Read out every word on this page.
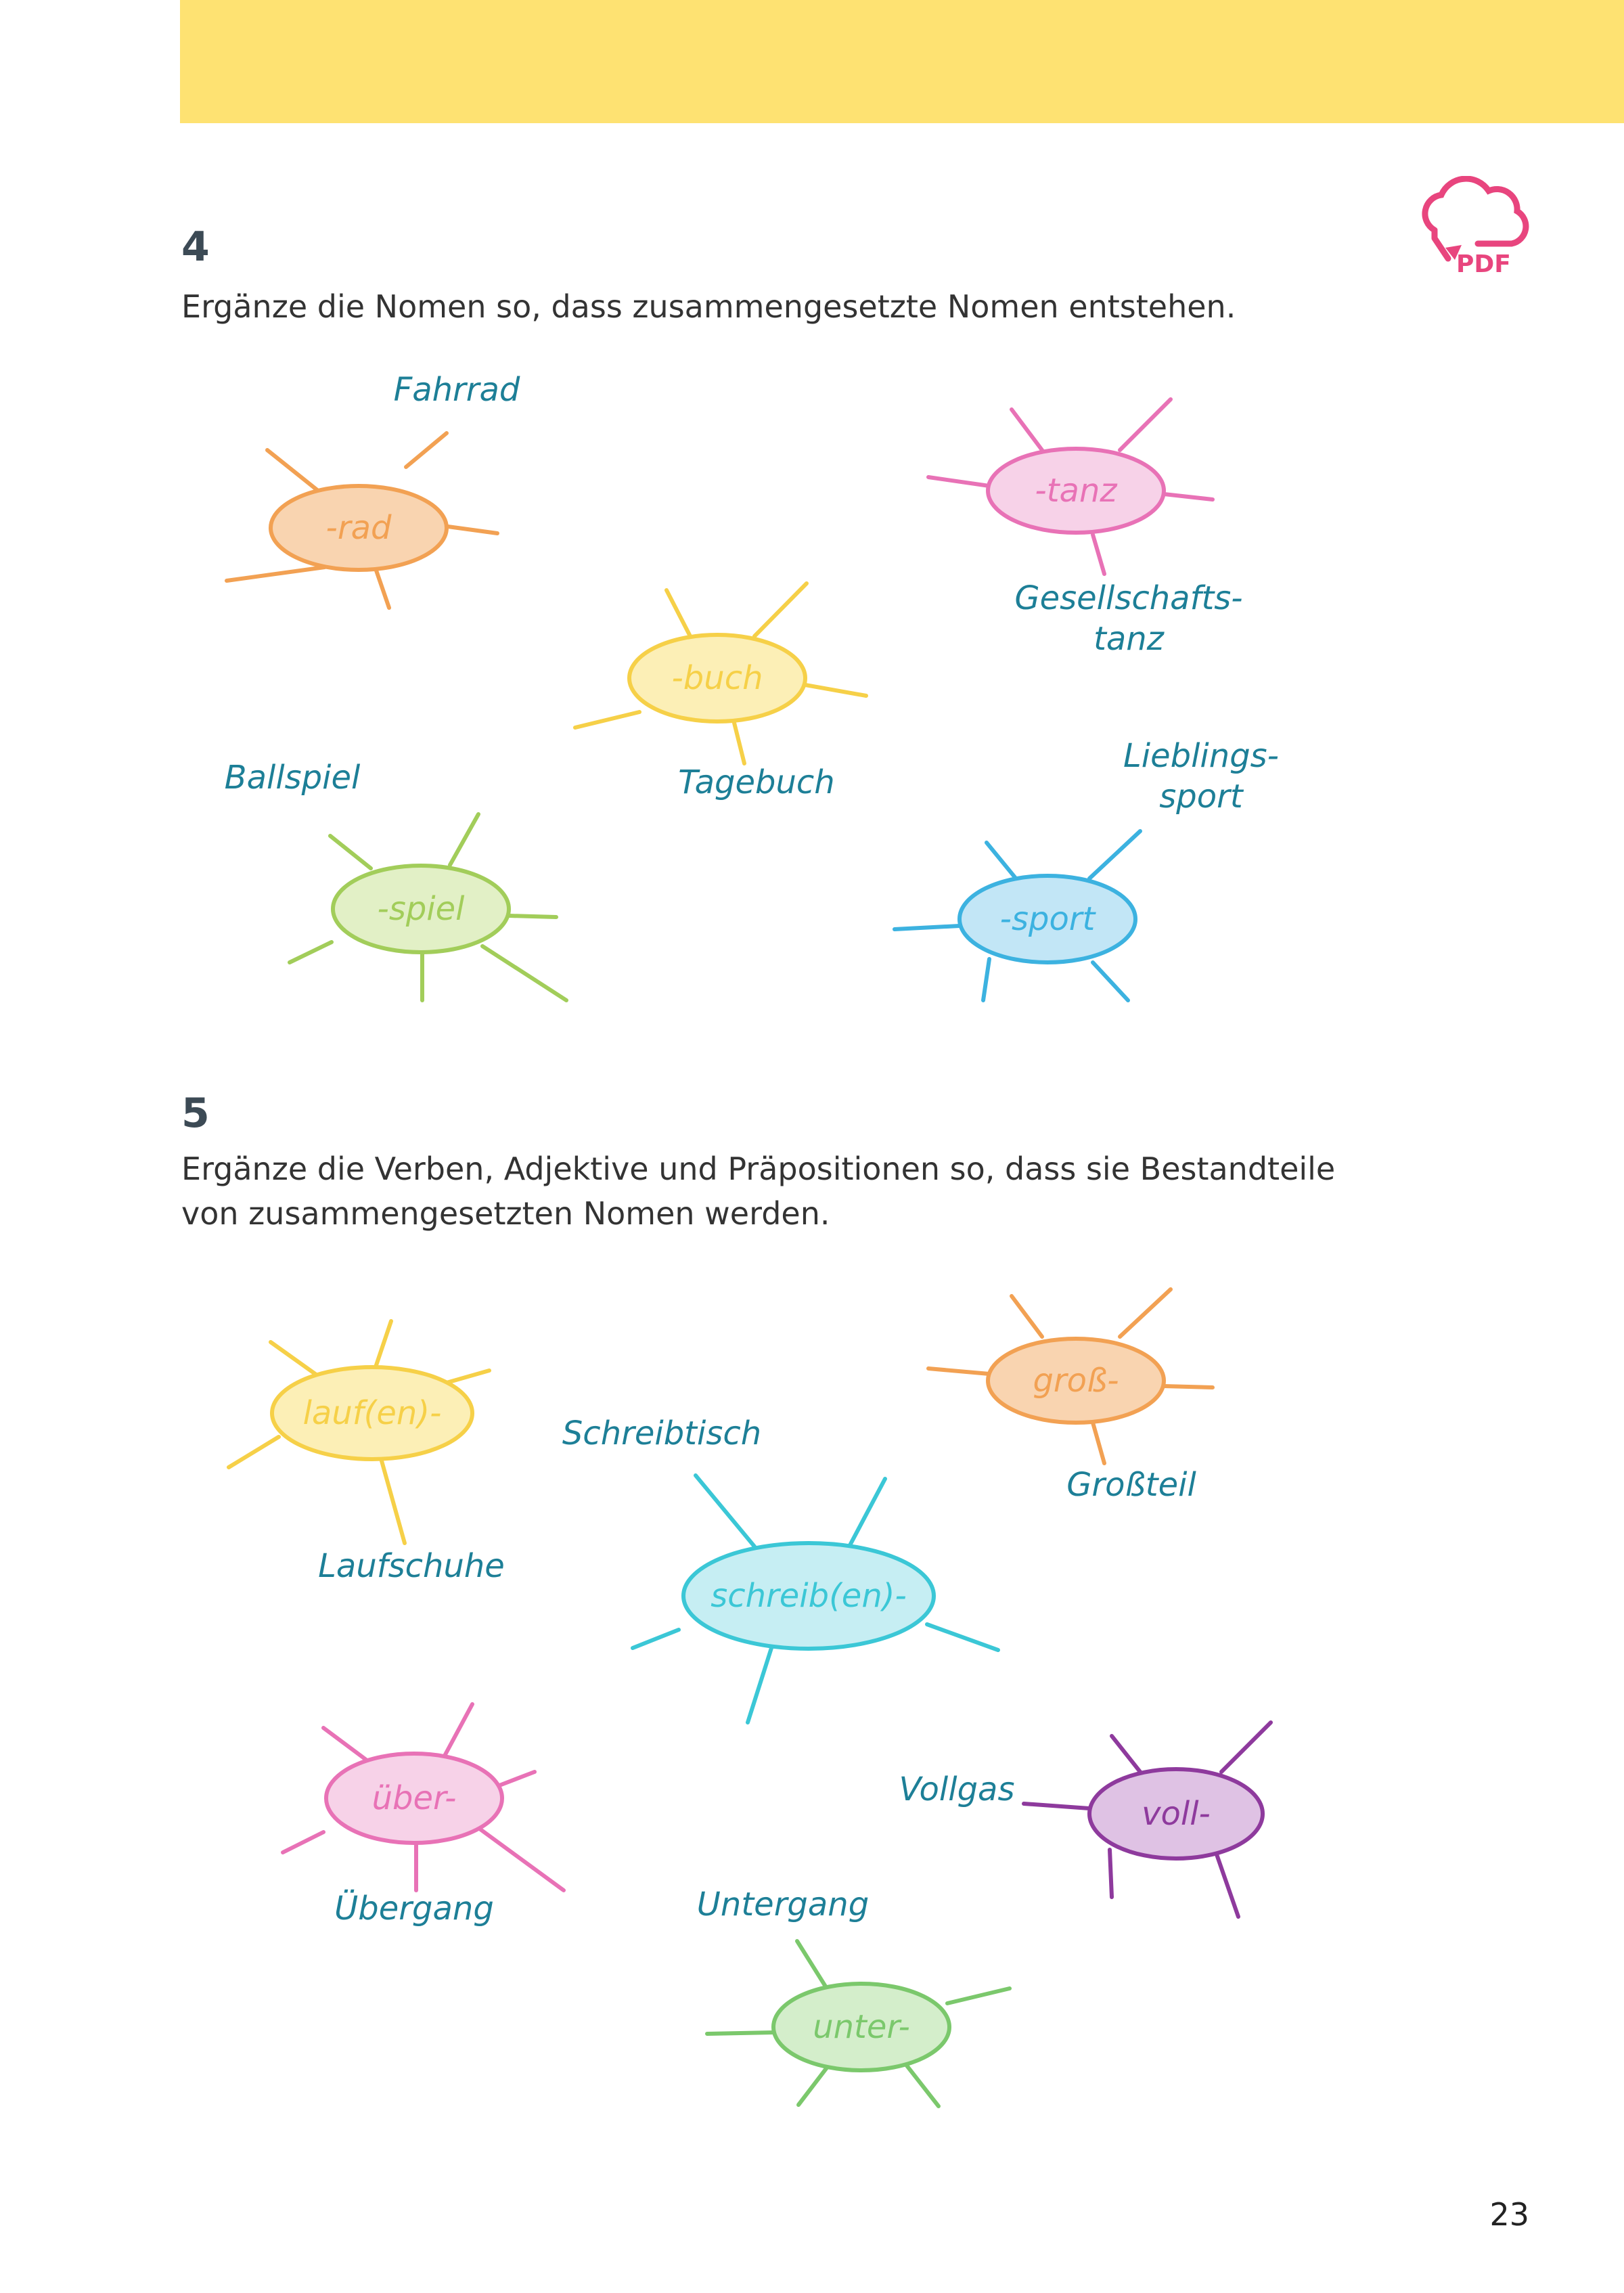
PDF
4
Ergänze die Nomen so, dass zusammengesetzte Nomen entstehen.
5
Ergänze die Verben, Adjektive und Präpositionen so, dass sie Bestandteile
von zusammengesetzten Nomen werden.
-rad
Fahrrad
-tanz
Gesellschafts-tanz
-buch
Tagebuch
-spiel
Ballspiel
-sport
Lieblings-sport
lauf(en)-
Laufschuhe
groß-
Großteil
schreib(en)-
Schreibtisch
über-
Übergang
voll-
Vollgas
unter-
Untergang
23
